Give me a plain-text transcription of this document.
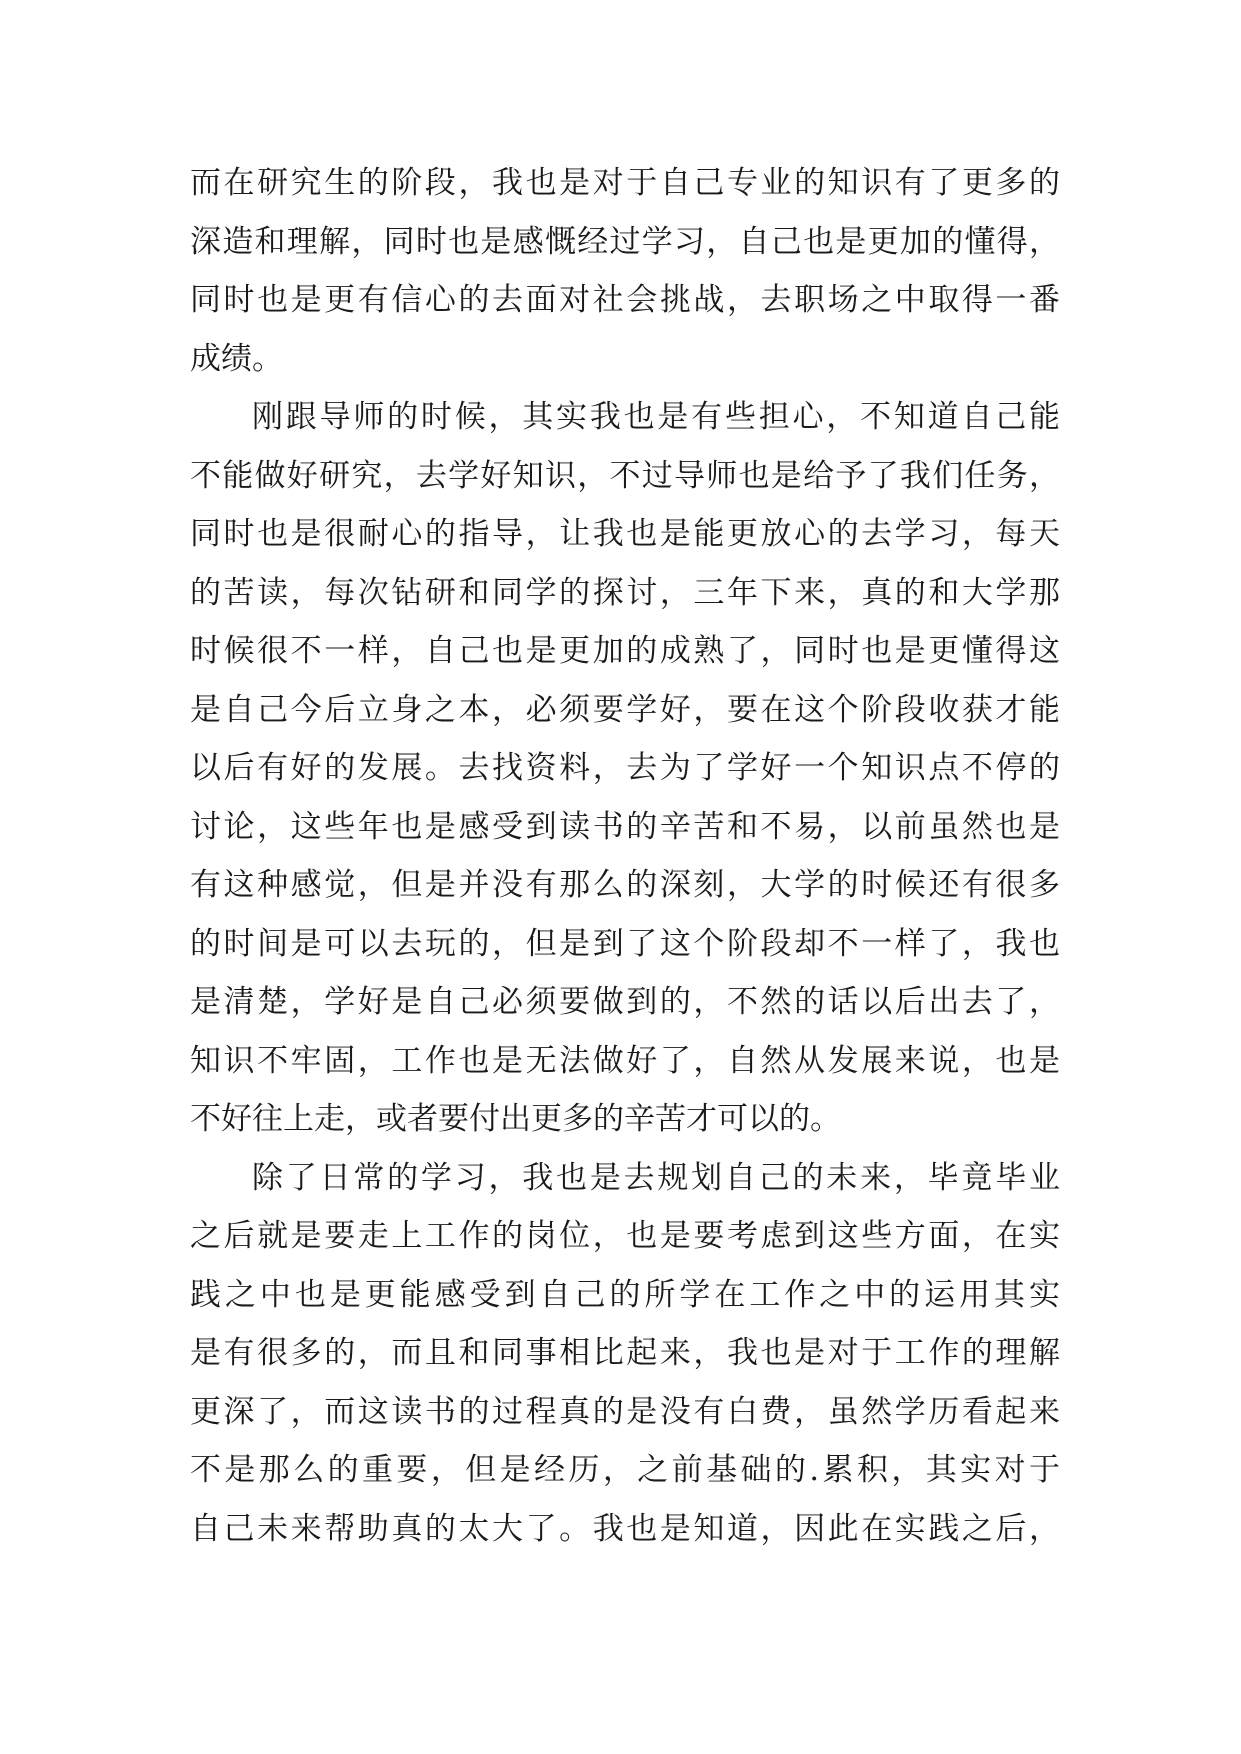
而在研究生的阶段，我也是对于自己专业的知识有了更多的
深造和理解，同时也是感慨经过学习，自己也是更加的懂得，
同时也是更有信心的去面对社会挑战，去职场之中取得一番
成绩。
刚跟导师的时候，其实我也是有些担心，不知道自己能
不能做好研究，去学好知识，不过导师也是给予了我们任务，
同时也是很耐心的指导，让我也是能更放心的去学习，每天
的苦读，每次钻研和同学的探讨，三年下来，真的和大学那
时候很不一样，自己也是更加的成熟了，同时也是更懂得这
是自己今后立身之本，必须要学好，要在这个阶段收获才能
以后有好的发展。去找资料，去为了学好一个知识点不停的
讨论，这些年也是感受到读书的辛苦和不易，以前虽然也是
有这种感觉，但是并没有那么的深刻，大学的时候还有很多
的时间是可以去玩的，但是到了这个阶段却不一样了，我也
是清楚，学好是自己必须要做到的，不然的话以后出去了，
知识不牢固，工作也是无法做好了，自然从发展来说，也是
不好往上走，或者要付出更多的辛苦才可以的。
除了日常的学习，我也是去规划自己的未来，毕竟毕业
之后就是要走上工作的岗位，也是要考虑到这些方面，在实
践之中也是更能感受到自己的所学在工作之中的运用其实
是有很多的，而且和同事相比起来，我也是对于工作的理解
更深了，而这读书的过程真的是没有白费，虽然学历看起来
不是那么的重要，但是经历，之前基础的.累积，其实对于
自己未来帮助真的太大了。我也是知道，因此在实践之后，
